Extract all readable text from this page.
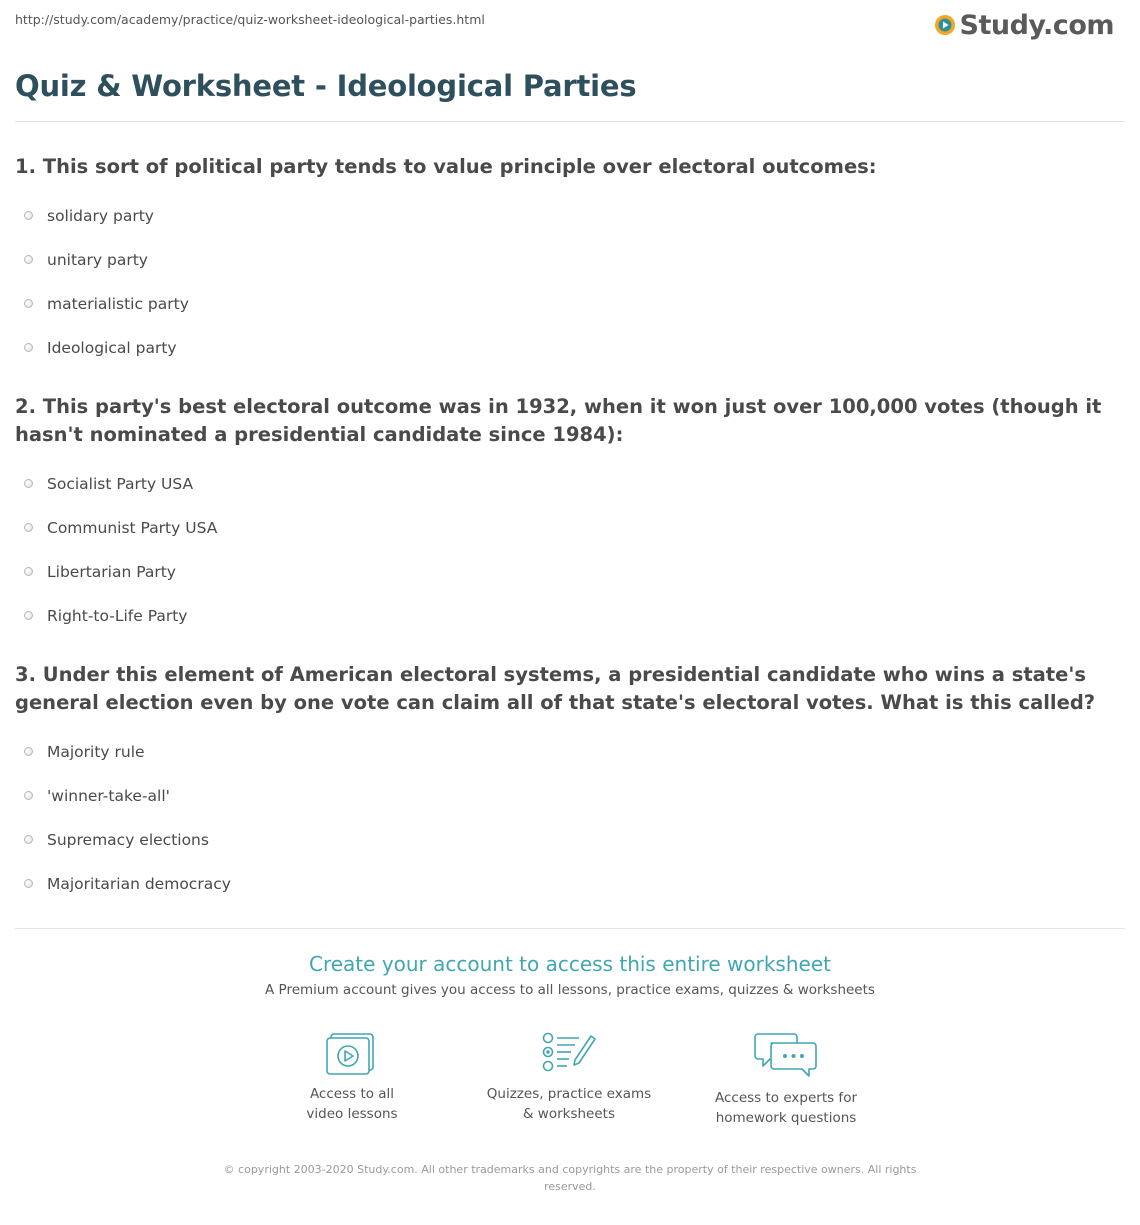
http://study.com/academy/practice/quiz-worksheet-ideological-parties.html	Study.com
Quiz & Worksheet - Ideological Parties

1. This sort of political party tends to value principle over electoral outcomes:

solidary party
unitary party
materialistic party
Ideological party

2. This party's best electoral outcome was in 1932, when it won just over 100,000 votes (though it hasn't nominated a presidential candidate since 1984):

Socialist Party USA
Communist Party USA
Libertarian Party
Right-to-Life Party

3. Under this element of American electoral systems, a presidential candidate who wins a state's general election even by one vote can claim all of that state's electoral votes. What is this called?

Majority rule
'winner-take-all'
Supremacy elections
Majoritarian democracy
Create your account to access this entire worksheet
A Premium account gives you access to all lessons, practice exams, quizzes & worksheets
Access to all
video lessons
Quizzes, practice exams
& worksheets
Access to experts for
homework questions
© copyright 2003-2020 Study.com. All other trademarks and copyrights are the property of their respective owners. All rights reserved.
